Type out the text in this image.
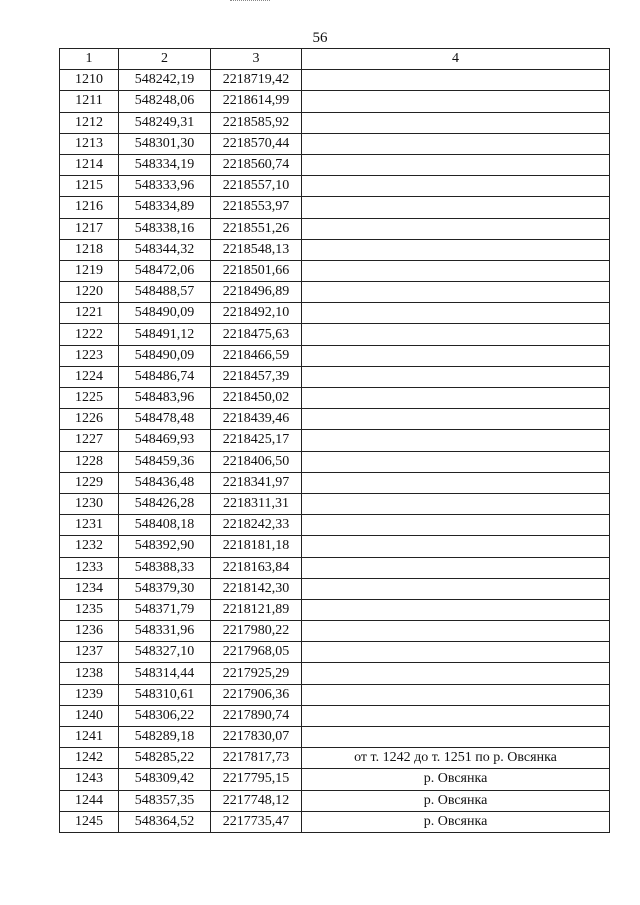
56
1	2	3	4
1210	548242,19	2218719,42	
1211	548248,06	2218614,99	
1212	548249,31	2218585,92	
1213	548301,30	2218570,44	
1214	548334,19	2218560,74	
1215	548333,96	2218557,10	
1216	548334,89	2218553,97	
1217	548338,16	2218551,26	
1218	548344,32	2218548,13	
1219	548472,06	2218501,66	
1220	548488,57	2218496,89	
1221	548490,09	2218492,10	
1222	548491,12	2218475,63	
1223	548490,09	2218466,59	
1224	548486,74	2218457,39	
1225	548483,96	2218450,02	
1226	548478,48	2218439,46	
1227	548469,93	2218425,17	
1228	548459,36	2218406,50	
1229	548436,48	2218341,97	
1230	548426,28	2218311,31	
1231	548408,18	2218242,33	
1232	548392,90	2218181,18	
1233	548388,33	2218163,84	
1234	548379,30	2218142,30	
1235	548371,79	2218121,89	
1236	548331,96	2217980,22	
1237	548327,10	2217968,05	
1238	548314,44	2217925,29	
1239	548310,61	2217906,36	
1240	548306,22	2217890,74	
1241	548289,18	2217830,07	
1242	548285,22	2217817,73	от т. 1242 до т. 1251 по р. Овсянка
1243	548309,42	2217795,15	р. Овсянка
1244	548357,35	2217748,12	р. Овсянка
1245	548364,52	2217735,47	р. Овсянка
